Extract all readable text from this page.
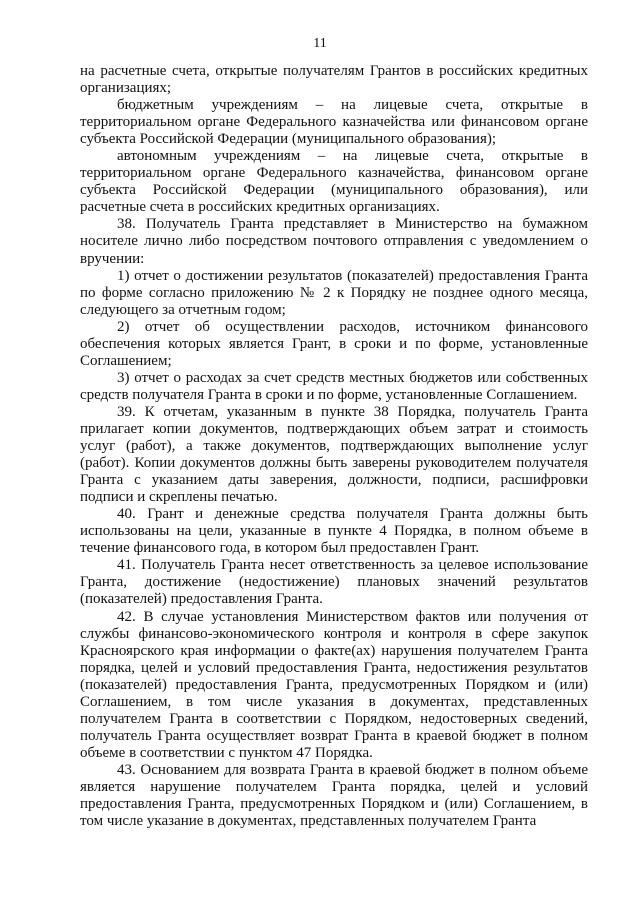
11

на расчетные счета, открытые получателям Грантов в российских кредитных организациях;

бюджетным учреждениям – на лицевые счета, открытые в территориальном органе Федерального казначейства или финансовом органе субъекта Российской Федерации (муниципального образования);

автономным учреждениям – на лицевые счета, открытые в территориальном органе Федерального казначейства, финансовом органе субъекта Российской Федерации (муниципального образования), или расчетные счета в российских кредитных организациях.

38. Получатель Гранта представляет в Министерство на бумажном носителе лично либо посредством почтового отправления с уведомлением о вручении:

1) отчет о достижении результатов (показателей) предоставления Гранта по форме согласно приложению № 2 к Порядку не позднее одного месяца, следующего за отчетным годом;

2) отчет об осуществлении расходов, источником финансового обеспечения которых является Грант, в сроки и по форме, установленные Соглашением;

3) отчет о расходах за счет средств местных бюджетов или собственных средств получателя Гранта в сроки и по форме, установленные Соглашением.

39. К отчетам, указанным в пункте 38 Порядка, получатель Гранта прилагает копии документов, подтверждающих объем затрат и стоимость услуг (работ), а также документов, подтверждающих выполнение услуг (работ). Копии документов должны быть заверены руководителем получателя Гранта с указанием даты заверения, должности, подписи, расшифровки подписи и скреплены печатью.

40. Грант и денежные средства получателя Гранта должны быть использованы на цели, указанные в пункте 4 Порядка, в полном объеме в течение финансового года, в котором был предоставлен Грант.

41. Получатель Гранта несет ответственность за целевое использование Гранта, достижение (недостижение) плановых значений результатов (показателей) предоставления Гранта.

42. В случае установления Министерством фактов или получения от службы финансово-экономического контроля и контроля в сфере закупок Красноярского края информации о факте(ах) нарушения получателем Гранта порядка, целей и условий предоставления Гранта, недостижения результатов (показателей) предоставления Гранта, предусмотренных Порядком и (или) Соглашением, в том числе указания в документах, представленных получателем Гранта в соответствии с Порядком, недостоверных сведений, получатель Гранта осуществляет возврат Гранта в краевой бюджет в полном объеме в соответствии с пунктом 47 Порядка.

43. Основанием для возврата Гранта в краевой бюджет в полном объеме является нарушение получателем Гранта порядка, целей и условий предоставления Гранта, предусмотренных Порядком и (или) Соглашением, в том числе указание в документах, представленных получателем Гранта
